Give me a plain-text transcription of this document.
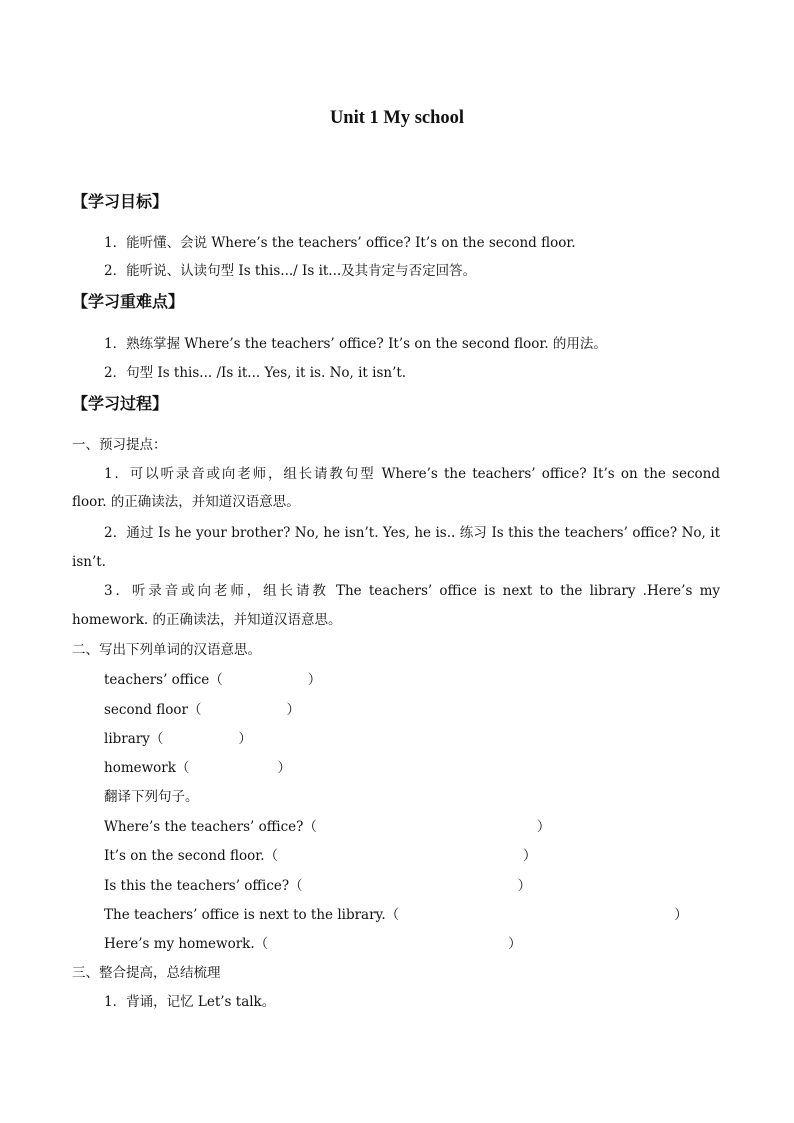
Unit 1 My school
【学习目标】
1．能听懂、会说 Where’s the teachers’ office? It’s on the second floor.
2．能听说、认读句型 Is this.../ Is it...及其肯定与否定回答。
【学习重难点】
1．熟练掌握 Where’s the teachers’ office? It’s on the second floor. 的用法。
2．句型 Is this... /Is it... Yes, it is. No, it isn’t.
【学习过程】
一、预习提点：
1．可以听录音或向老师，组长请教句型 Where’s the teachers’ office? It’s on the second
floor. 的正确读法，并知道汉语意思。
2．通过 Is he your brother? No, he isn’t. Yes, he is.. 练习 Is this the teachers’ office? No, it
isn’t.
3．听录音或向老师，组长请教 The teachers’ office is next to the library .Here’s my
homework. 的正确读法，并知道汉语意思。
二、写出下列单词的汉语意思。
teachers’ office（	）
second floor（	）
library（	）
homework（	）
翻译下列句子。
Where’s the teachers’ office?（	）
It’s on the second floor.（	）
Is this the teachers’ office?（	）
The teachers’ office is next to the library.（	）
Here’s my homework.（	）
三、整合提高，总结梳理
1．背诵，记忆 Let’s talk。
